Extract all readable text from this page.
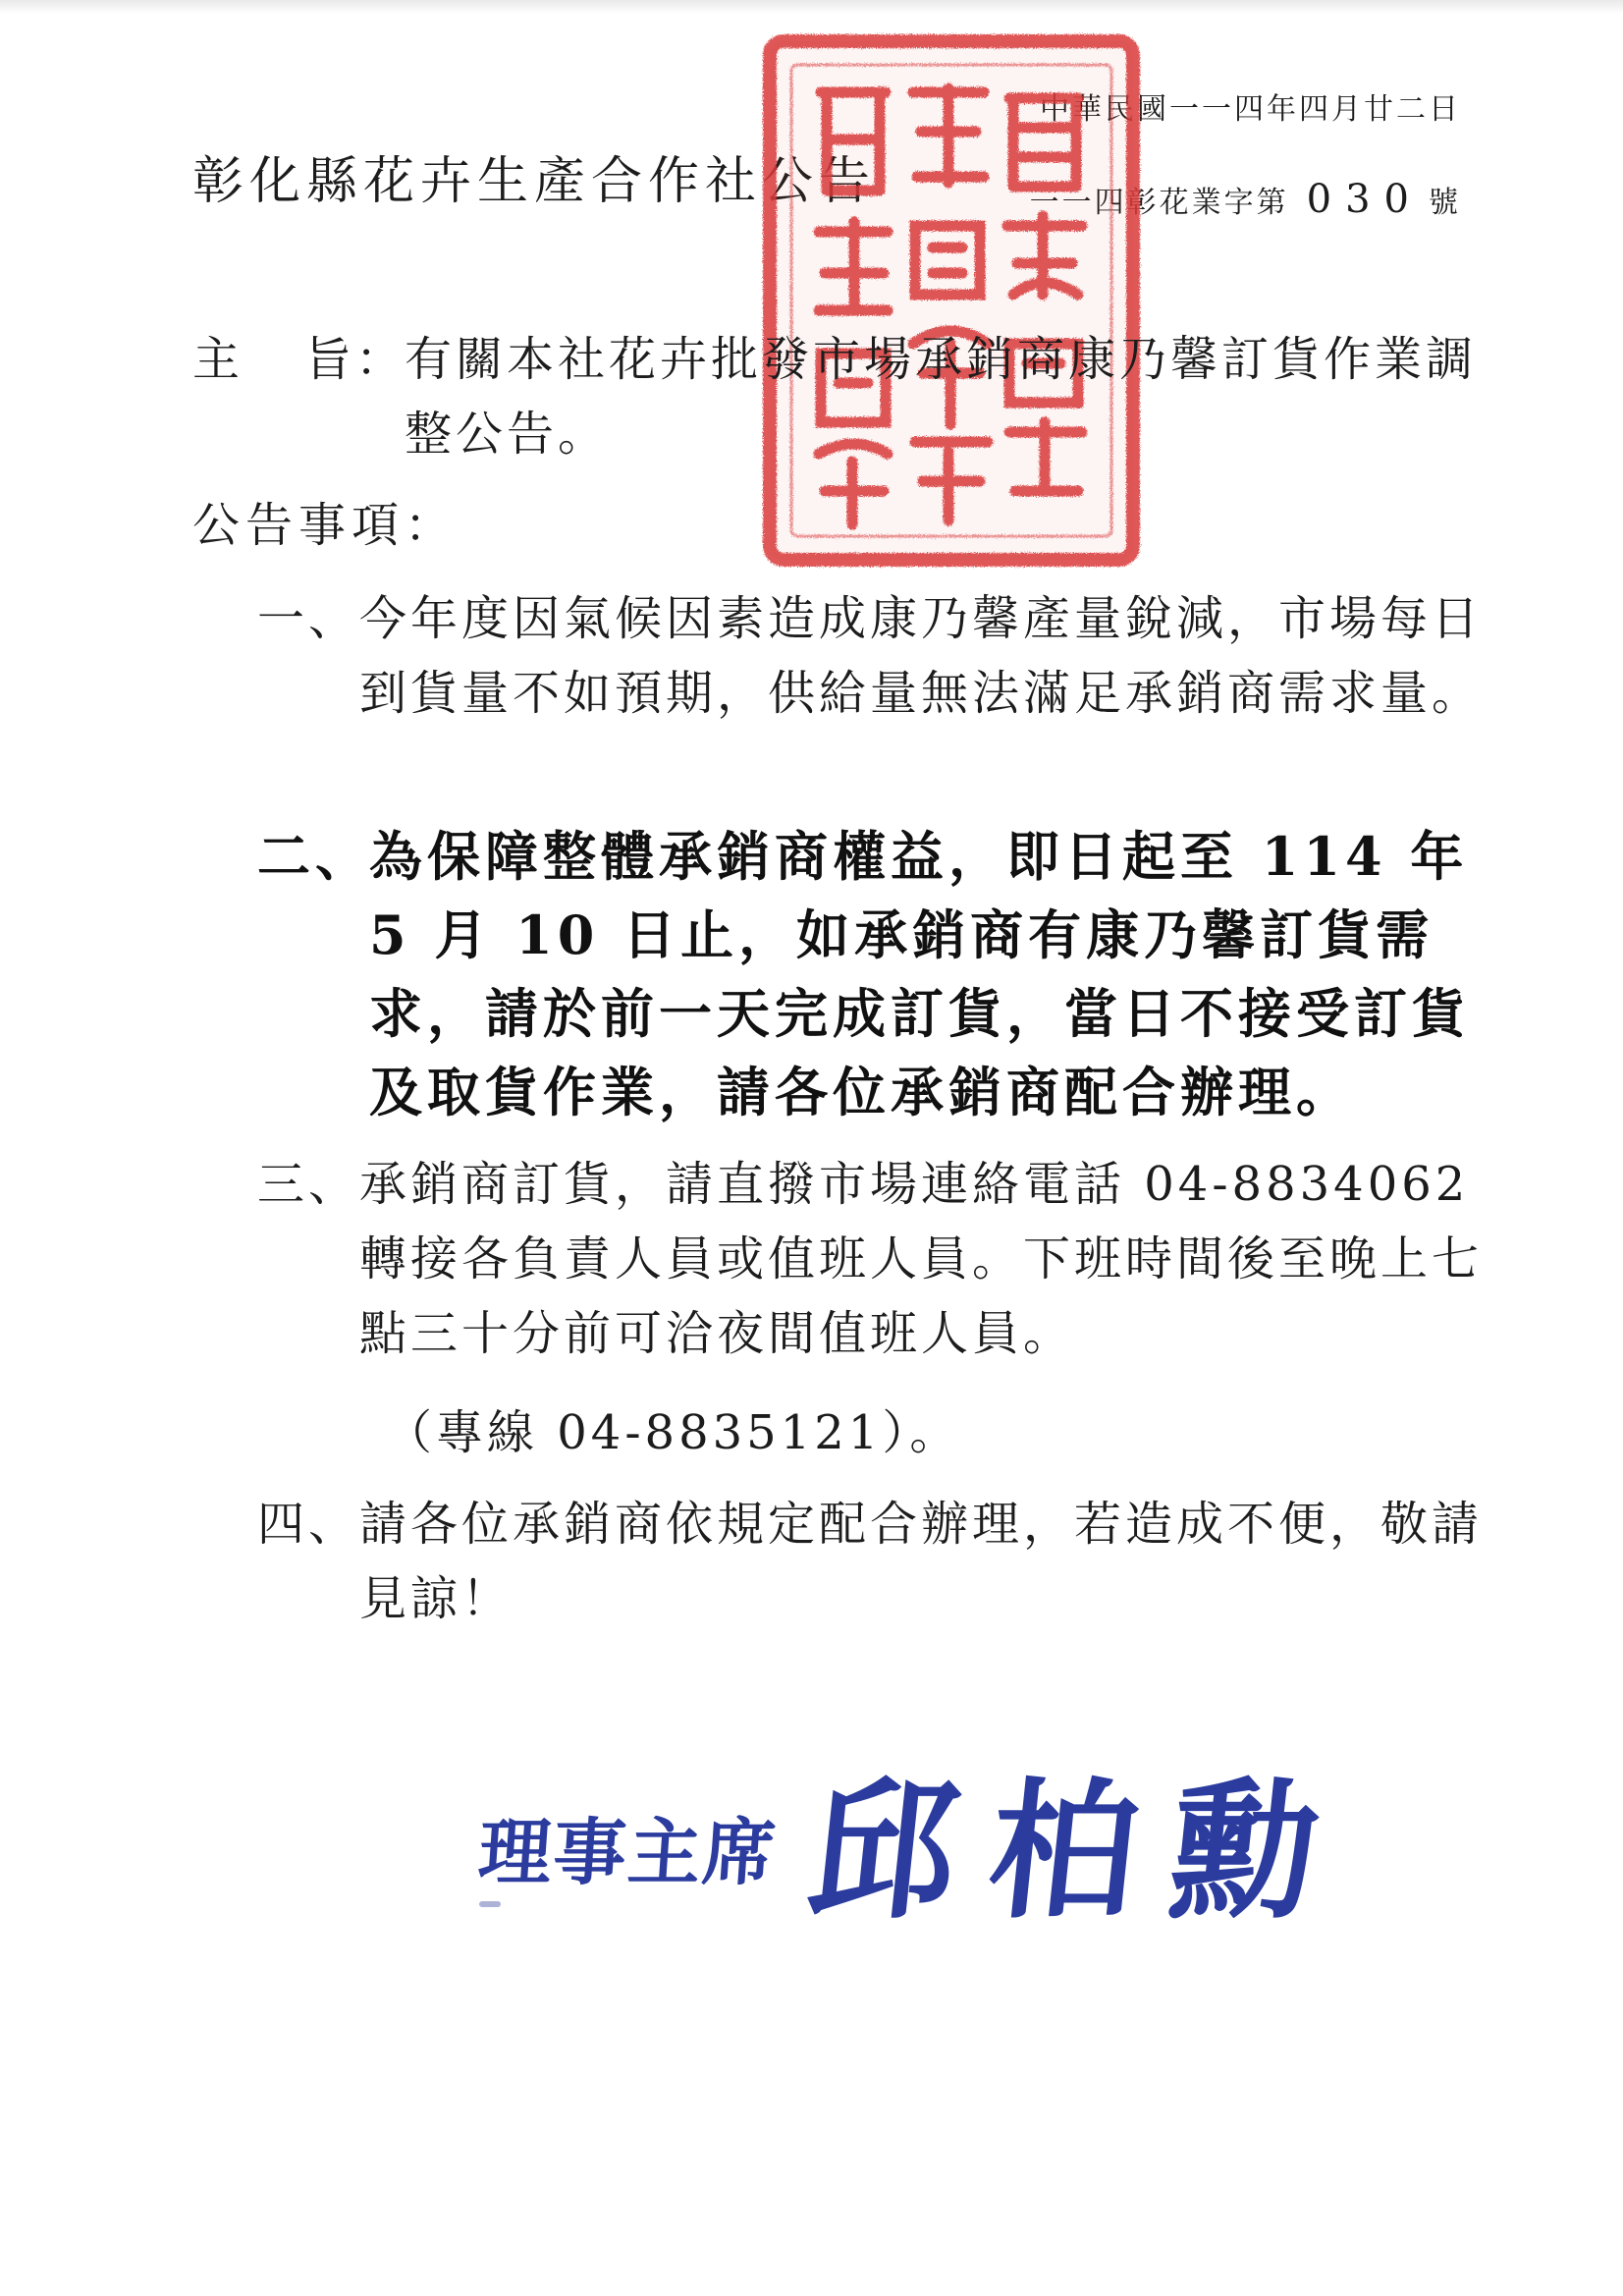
彰化縣花卉生產合作社公告
中華民國一一四年四月廿二日
一一四彰花業字第 030 號
主 旨：
有關本社花卉批發市場承銷商康乃馨訂貨作業調整公告。
公告事項：
一、 今年度因氣候因素造成康乃馨產量銳減，市場每日到貨量不如預期，供給量無法滿足承銷商需求量。
二、
為保障整體承銷商權益，即日起至 114 年 5 月 10 日止，如承銷商有康乃馨訂貨需求，請於前一天完成訂貨，當日不接受訂貨及取貨作業，請各位承銷商配合辦理。
三、 承銷商訂貨，請直撥市場連絡電話 04-8834062 轉接各負責人員或值班人員。下班時間後至晚上七點三十分前可洽夜間值班人員。
（專線 04-8835121）。
四、 請各位承銷商依規定配合辦理，若造成不便，敬請見諒！
理事主席 邱柏勳
